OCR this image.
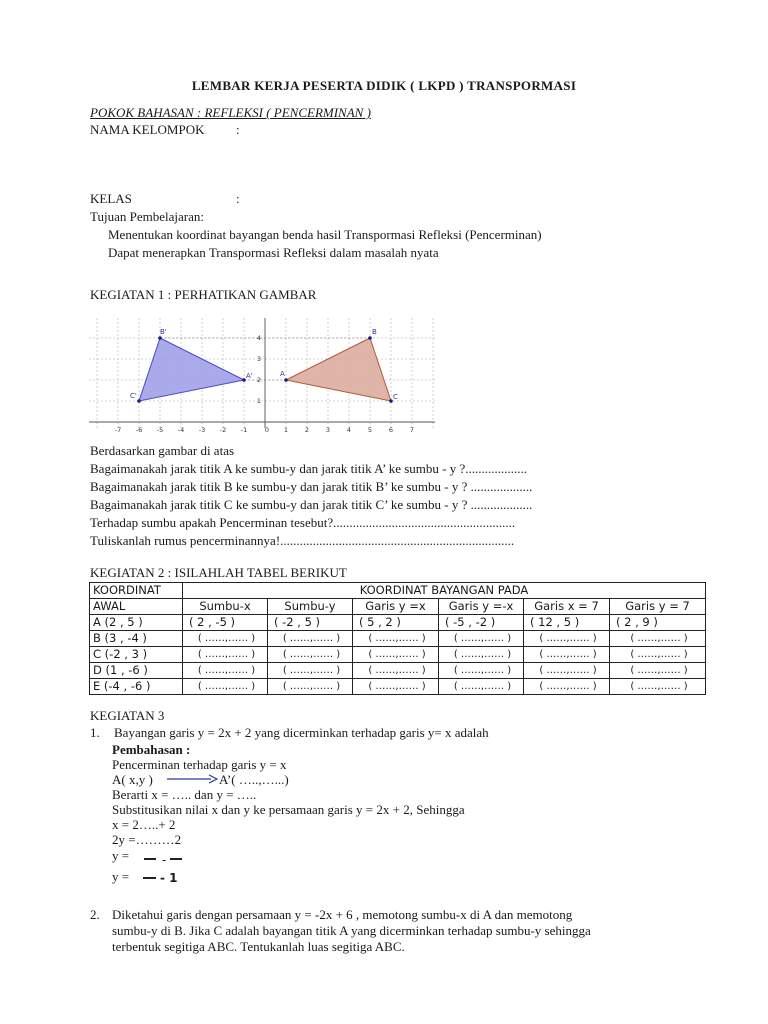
LEMBAR KERJA PESERTA DIDIK ( LKPD ) TRANSPORMASI
POKOK BAHASAN : REFLEKSI ( PENCERMINAN )
NAMA KELOMPOK :
KELAS	:
Tujuan Pembelajaran:
Menentukan koordinat bayangan benda hasil Transpormasi Refleksi (Pencerminan)
Dapat menerapkan Transpormasi Refleksi dalam masalah nyata
KEGIATAN 1 : PERHATIKAN GAMBAR
-7 -6 -5 -4 -3 -2 -1	0 1	2	3	4	5	6	7
1
2
3
4
A
B
C
A'
B'
C'
Berdasarkan gambar di atas
Bagaimanakah jarak titik A ke sumbu-y dan jarak titik A’ ke sumbu - y ?...................
Bagaimanakah jarak titik B ke sumbu-y dan jarak titik B’ ke sumbu - y ? ...................
Bagaimanakah jarak titik C ke sumbu-y dan jarak titik C’ ke sumbu - y ? ...................
Terhadap sumbu apakah Pencerminan tesebut?........................................................
Tuliskanlah rumus pencerminannya!........................................................................
KEGIATAN 2 : ISILAHLAH TABEL BERIKUT
KOORDINAT	KOORDINAT BAYANGAN PADA					
AWAL	Sumbu-x	Sumbu-y	Garis y =x	Garis y =-x	Garis x = 7	Garis y = 7
A (2 , 5 )	( 2 , -5 )	( -2 , 5 )	( 5 , 2 )	( -5 , -2 )	( 12 , 5 )	( 2 , 9 )
B (3 , -4 )	( ……,…… )	( ……,…… )	( ……,…… )	( ……,…… )	( ……,…… )	( ……,…… )
C (-2 , 3 )	( ……,…… )	( ……,…… )	( ……,…… )	( ……,…… )	( ……,…… )	( ……,…… )
D (1 , -6 )	( ……,…… )	( ……,…… )	( ……,…… )	( ……,…… )	( ……,…… )	( ……,…… )
E (-4 , -6 )	( ……,…… )	( ……,…… )	( ……,…… )	( ……,…… )	( ……,…… )	( ……,…… )
KEGIATAN 3
1. Bayangan garis y = 2x + 2 yang dicerminkan terhadap garis y= x adalah
Pembahasan :
Pencerminan terhadap garis y = x
A( x,y )	A’( …..,…...)
Berarti x = ….. dan y = …..
Substitusikan nilai x dan y ke persamaan garis y = 2x + 2, Sehingga
x = 2…..+ 2
2y =………2
y =	-
y =	- 1
2. Diketahui garis dengan persamaan y = -2x + 6 , memotong sumbu-x di A dan memotong
sumbu-y di B. Jika C adalah bayangan titik A yang dicerminkan terhadap sumbu-y sehingga
terbentuk segitiga ABC. Tentukanlah luas segitiga ABC.
